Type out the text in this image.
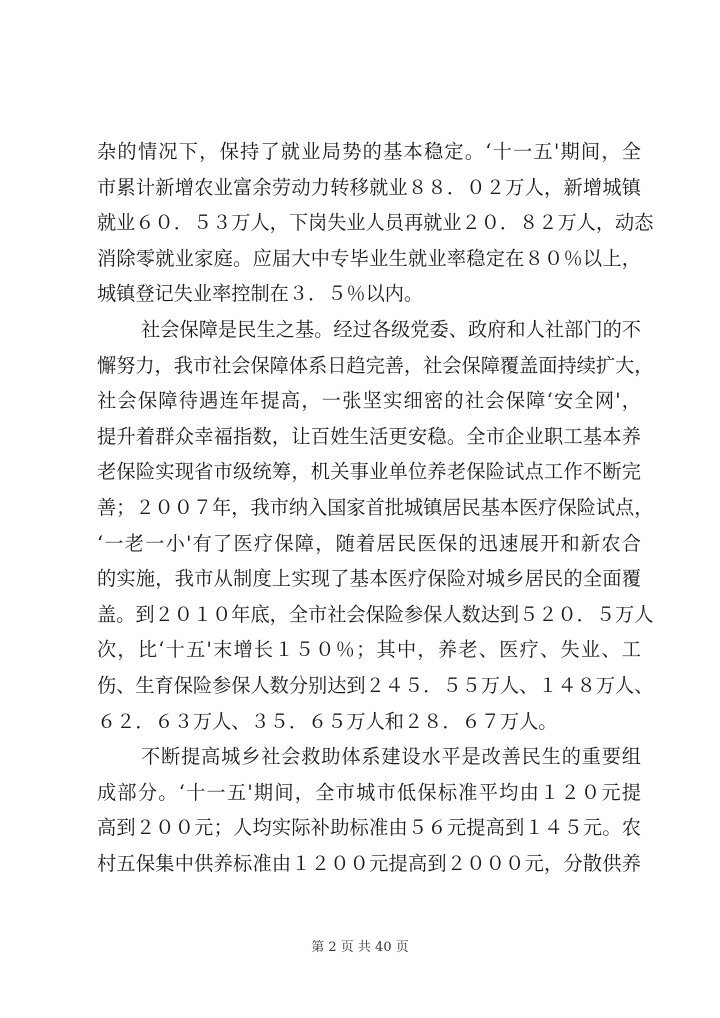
杂的情况下，保持了就业局势的基本稳定。‘十一五'期间，全
市累计新增农业富余劳动力转移就业８８．０２万人，新增城镇
就业６０．５３万人，下岗失业人员再就业２０．８２万人，动态
消除零就业家庭。应届大中专毕业生就业率稳定在８０％以上，
城镇登记失业率控制在３．５％以内。
社会保障是民生之基。经过各级党委、政府和人社部门的不
懈努力，我市社会保障体系日趋完善，社会保障覆盖面持续扩大，
社会保障待遇连年提高，一张坚实细密的社会保障‘安全网'，
提升着群众幸福指数，让百姓生活更安稳。全市企业职工基本养
老保险实现省市级统筹，机关事业单位养老保险试点工作不断完
善；２００７年，我市纳入国家首批城镇居民基本医疗保险试点，
‘一老一小'有了医疗保障，随着居民医保的迅速展开和新农合
的实施，我市从制度上实现了基本医疗保险对城乡居民的全面覆
盖。到２０１０年底，全市社会保险参保人数达到５２０．５万人
次，比‘十五'末增长１５０％；其中，养老、医疗、失业、工
伤、生育保险参保人数分别达到２４５．５５万人、１４８万人、
６２．６３万人、３５．６５万人和２８．６７万人。
不断提高城乡社会救助体系建设水平是改善民生的重要组
成部分。‘十一五'期间，全市城市低保标准平均由１２０元提
高到２００元；人均实际补助标准由５６元提高到１４５元。农
村五保集中供养标准由１２００元提高到２０００元，分散供养
第 2 页 共 40 页
